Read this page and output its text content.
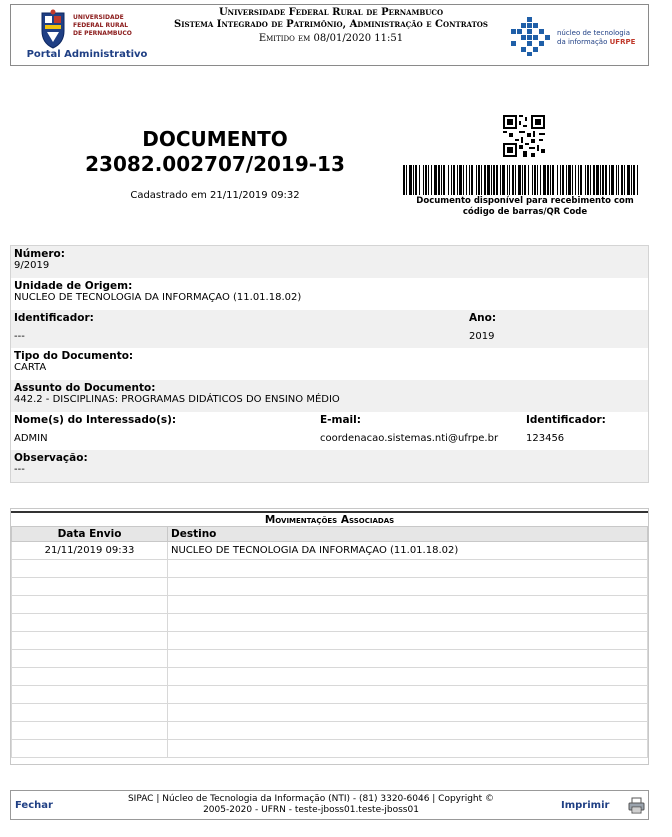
UNIVERSIDADE
FEDERAL RURAL
DE PERNAMBUCO
Portal Administrativo
Universidade Federal Rural de Pernambuco
Sistema Integrado de Patrimônio, Administração e Contratos
Emitido em 08/01/2020 11:51	núcleo de tecnologia
da informação UFRPE
DOCUMENTO
23082.002707/2019-13
Cadastrado em 21/11/2019 09:32	Documento disponível para recebimento com código de barras/QR Code
Número:
9/2019
Unidade de Origem:
NUCLEO DE TECNOLOGIA DA INFORMAÇAO (11.01.18.02)
Identificador:
---
Ano:
2019
Tipo do Documento:
CARTA
Assunto do Documento:
442.2 - DISCIPLINAS: PROGRAMAS DIDÁTICOS DO ENSINO MÉDIO
Nome(s) do Interessado(s):
ADMIN
E-mail:
coordenacao.sistemas.nti@ufrpe.br
Identificador:
123456
Observação:
---
Movimentações Associadas
Data Envio	Destino
21/11/2019 09:33	NUCLEO DE TECNOLOGIA DA INFORMAÇAO (11.01.18.02)

Fechar
SIPAC | Núcleo de Tecnologia da Informação (NTI) - (81) 3320-6046 | Copyright ©
2005-2020 - UFRN - teste-jboss01.teste-jboss01	Imprimir
